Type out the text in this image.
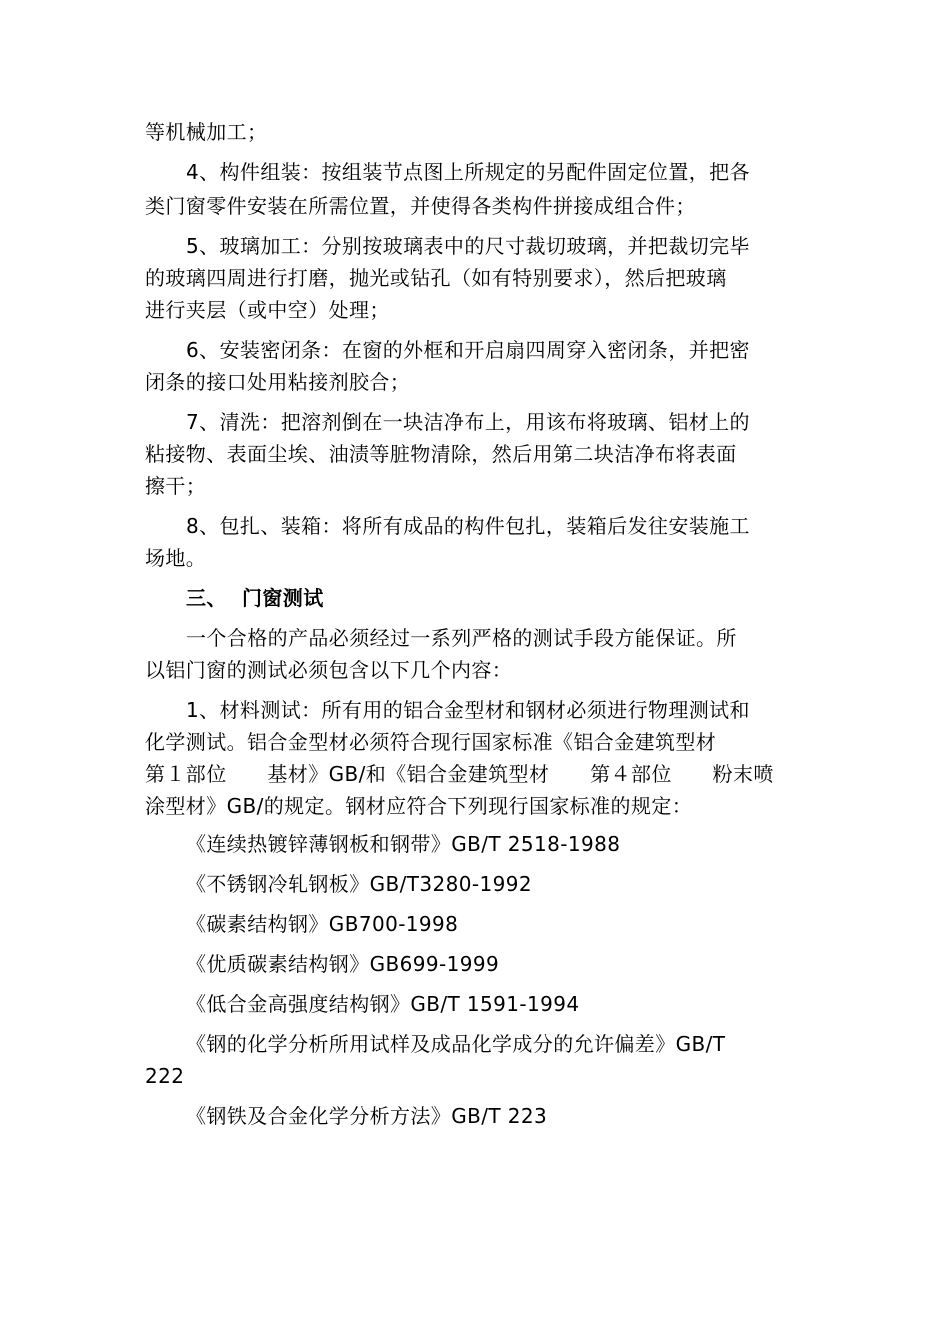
等机械加工；
4、构件组装：按组装节点图上所规定的另配件固定位置，把各
类门窗零件安装在所需位置，并使得各类构件拼接成组合件；
5、玻璃加工：分别按玻璃表中的尺寸裁切玻璃，并把裁切完毕
的玻璃四周进行打磨，抛光或钻孔（如有特别要求），然后把玻璃
进行夹层（或中空）处理；
6、安装密闭条：在窗的外框和开启扇四周穿入密闭条，并把密
闭条的接口处用粘接剂胶合；
7、清洗：把溶剂倒在一块洁净布上，用该布将玻璃、铝材上的
粘接物、表面尘埃、油渍等脏物清除，然后用第二块洁净布将表面
擦干；
8、包扎、装箱：将所有成品的构件包扎，装箱后发往安装施工
场地。
三、 门窗测试
一个合格的产品必须经过一系列严格的测试手段方能保证。所
以铝门窗的测试必须包含以下几个内容：
1、材料测试：所有用的铝合金型材和钢材必须进行物理测试和
化学测试。铝合金型材必须符合现行国家标准《铝合金建筑型材
第１部位　　基材》GB/和《铝合金建筑型材　　第４部位　　粉末喷
涂型材》GB/的规定。钢材应符合下列现行国家标准的规定：
《连续热镀锌薄钢板和钢带》GB/T 2518-1988
《不锈钢冷轧钢板》GB/T3280-1992
《碳素结构钢》GB700-1998
《优质碳素结构钢》GB699-1999
《低合金高强度结构钢》GB/T 1591-1994
《钢的化学分析所用试样及成品化学成分的允许偏差》GB/T
222
《钢铁及合金化学分析方法》GB/T 223
